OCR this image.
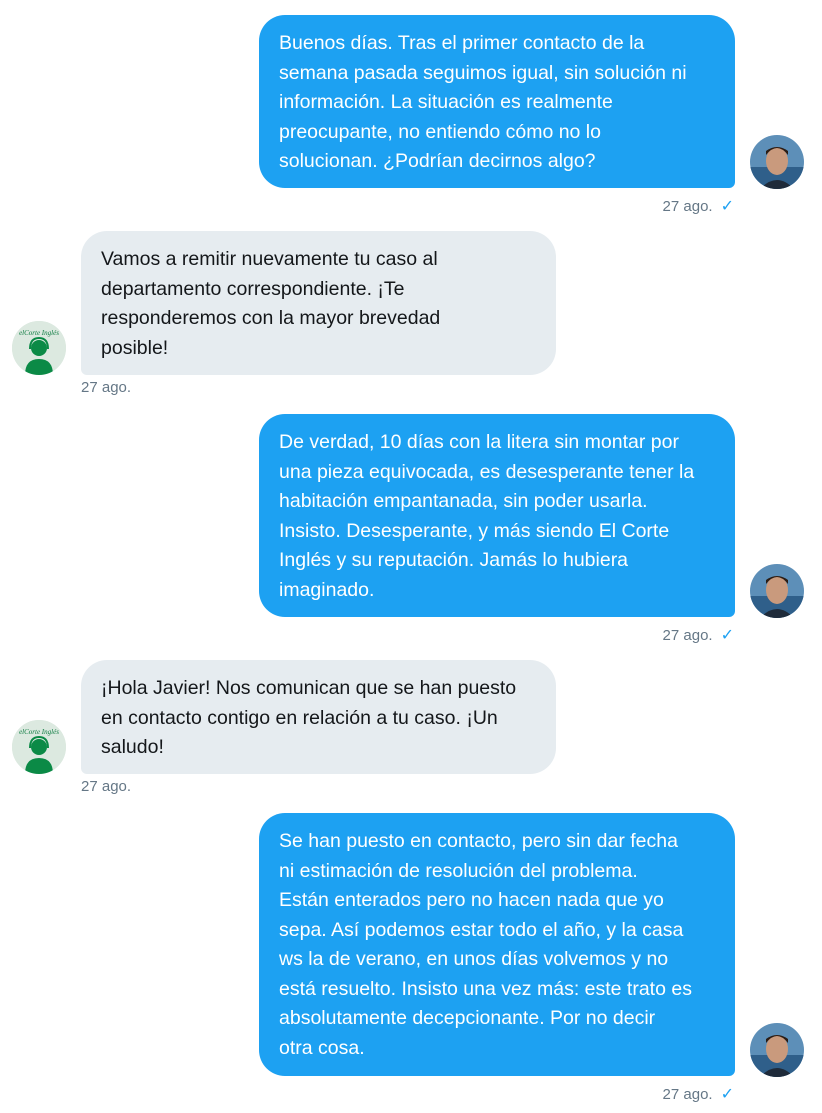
Buenos días. Tras el primer contacto de la
semana pasada seguimos igual, sin solución ni
información. La situación es realmente
preocupante, no entiendo cómo no lo
solucionan. ¿Podrían decirnos algo?
27 ago. ✓
elCorte Inglés
Vamos a remitir nuevamente tu caso al
departamento correspondiente. ¡Te
responderemos con la mayor brevedad
posible!
27 ago.
De verdad, 10 días con la litera sin montar por
una pieza equivocada, es desesperante tener la
habitación empantanada, sin poder usarla.
Insisto. Desesperante, y más siendo El Corte
Inglés y su reputación. Jamás lo hubiera
imaginado.
27 ago. ✓
elCorte Inglés
¡Hola Javier! Nos comunican que se han puesto
en contacto contigo en relación a tu caso. ¡Un
saludo!
27 ago.
Se han puesto en contacto, pero sin dar fecha
ni estimación de resolución del problema.
Están enterados pero no hacen nada que yo
sepa. Así podemos estar todo el año, y la casa
ws la de verano, en unos días volvemos y no
está resuelto. Insisto una vez más: este trato es
absolutamente decepcionante. Por no decir
otra cosa.
27 ago. ✓
